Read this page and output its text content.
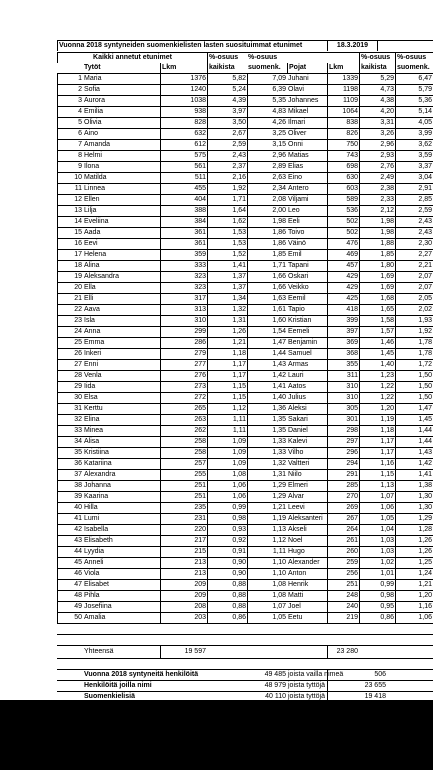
Vuonna 2018 syntyneiden suomenkielisten lasten suosituimmat etunimet	18.3.2019
Kaikki annetut etunimet	%-osuus	%-osuus	%-osuus %-osuus
Tytöt	Lkm	kaikista	suomenk.	Pojat	Lkm	kaikista	suomenk.
1 Maria	1376	5,82	7,09 Juhani	1339	5,29	6,47
2 Sofia	1240	5,24	6,39 Olavi	1198	4,73	5,79
3 Aurora	1038	4,39	5,35 Johannes	1109	4,38	5,36
4 Emilia	938	3,97	4,83 Mikael	1064	4,20	5,14
5 Olivia	828	3,50	4,26 Ilmari	838	3,31	4,05
6 Aino	632	2,67	3,25 Oliver	826	3,26	3,99
7 Amanda	612	2,59	3,15 Onni	750	2,96	3,62
8 Helmi	575	2,43	2,96 Matias	743	2,93	3,59
9 Ilona	561	2,37	2,89 Elias	698	2,76	3,37
10 Matilda	511	2,16	2,63 Eino	630	2,49	3,04
11 Linnea	455	1,92	2,34 Antero	603	2,38	2,91
12 Ellen	404	1,71	2,08 Viljami	589	2,33	2,85
13 Lilja	388	1,64	2,00 Leo	536	2,12	2,59
14 Eveliina	384	1,62	1,98 Eeli	502	1,98	2,43
15 Aada	361	1,53	1,86 Toivo	502	1,98	2,43
16 Eevi	361	1,53	1,86 Väinö	476	1,88	2,30
17 Helena	359	1,52	1,85 Emil	469	1,85	2,27
18 Alina	333	1,41	1,71 Tapani	457	1,80	2,21
19 Aleksandra	323	1,37	1,66 Oskari	429	1,69	2,07
20 Ella	323	1,37	1,66 Veikko	429	1,69	2,07
21 Elli	317	1,34	1,63 Eemil	425	1,68	2,05
22 Aava	313	1,32	1,61 Tapio	418	1,65	2,02
23 Isla	310	1,31	1,60 Kristian	399	1,58	1,93
24 Anna	299	1,26	1,54 Eemeli	397	1,57	1,92
25 Emma	286	1,21	1,47 Benjamin	369	1,46	1,78
26 Inkeri	279	1,18	1,44 Samuel	368	1,45	1,78
27 Enni	277	1,17	1,43 Armas	355	1,40	1,72
28 Venla	276	1,17	1,42 Lauri	311	1,23	1,50
29 Iida	273	1,15	1,41 Aatos	310	1,22	1,50
30 Elsa	272	1,15	1,40 Julius	310	1,22	1,50
31 Kerttu	265	1,12	1,36 Aleksi	305	1,20	1,47
32 Elina	263	1,11	1,35 Sakari	301	1,19	1,45
33 Minea	262	1,11	1,35 Daniel	298	1,18	1,44
34 Alisa	258	1,09	1,33 Kalevi	297	1,17	1,44
35 Kristiina	258	1,09	1,33 Vilho	296	1,17	1,43
36 Katariina	257	1,09	1,32 Valtteri	294	1,16	1,42
37 Alexandra	255	1,08	1,31 Niilo	291	1,15	1,41
38 Johanna	251	1,06	1,29 Elmeri	285	1,13	1,38
39 Kaarina	251	1,06	1,29 Alvar	270	1,07	1,30
40 Hilla	235	0,99	1,21 Leevi	269	1,06	1,30
41 Lumi	231	0,98	1,19 Aleksanteri	267	1,05	1,29
42 Isabella	220	0,93	1,13 Akseli	264	1,04	1,28
43 Elisabeth	217	0,92	1,12 Noel	261	1,03	1,26
44 Lyydia	215	0,91	1,11 Hugo	260	1,03	1,26
45 Anneli	213	0,90	1,10 Alexander	259	1,02	1,25
46 Viola	213	0,90	1,10 Anton	256	1,01	1,24
47 Elisabet	209	0,88	1,08 Henrik	251	0,99	1,21
48 Pihla	209	0,88	1,08 Matti	248	0,98	1,20
49 Josefiina	208	0,88	1,07 Joel	240	0,95	1,16
50 Amalia	203	0,86	1,05 Eetu	219	0,86	1,06
Yhteensä	19 597	23 280
Vuonna 2018 syntyneitä henkilöitä	49 485 joista vailla nimeä	506
Henkilöitä joilla nimi	48 979 joista tyttöjä	23 655
Suomenkielisiä	40 110 joista tyttöjä	19 418
